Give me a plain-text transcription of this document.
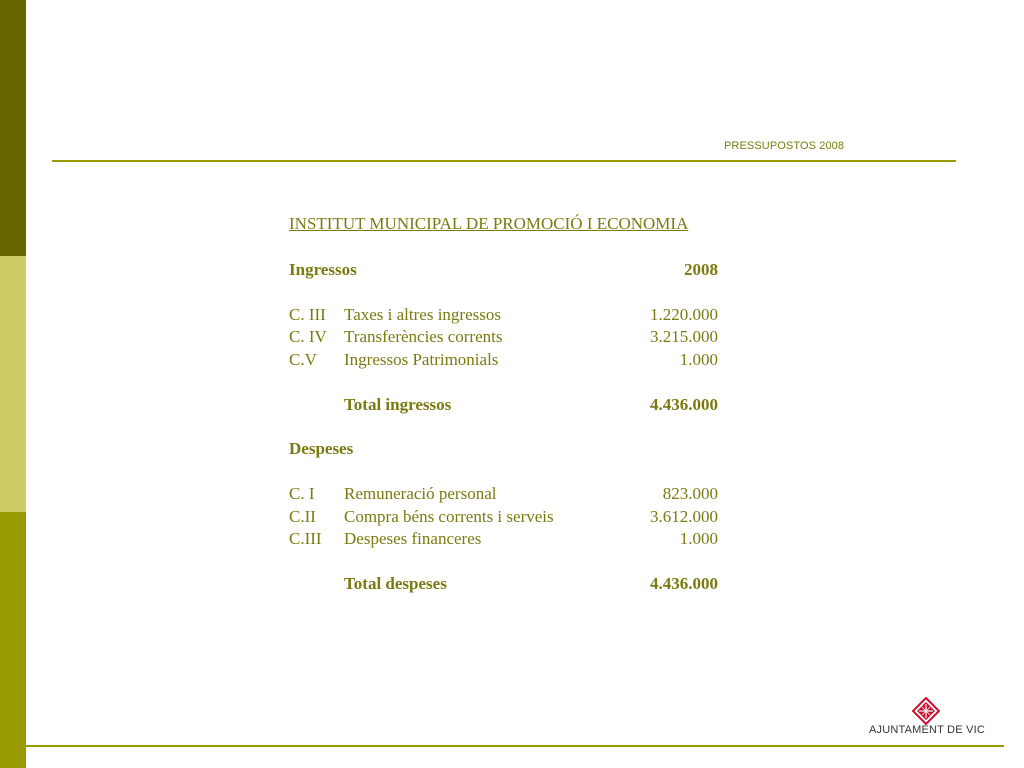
PRESSUPOSTOS 2008
INSTITUT MUNICIPAL DE PROMOCIÓ I ECONOMIA
Ingressos	2008
C. III Taxes i altres ingressos	1.220.000
C. IV Transferències corrents	3.215.000
C.V Ingressos Patrimonials	1.000
Total ingressos	4.436.000
Despeses
C. I Remuneració personal	823.000
C.II Compra béns corrents i serveis	3.612.000
C.III Despeses financeres	1.000
Total despeses	4.436.000
AJUNTAMENT DE VIC
